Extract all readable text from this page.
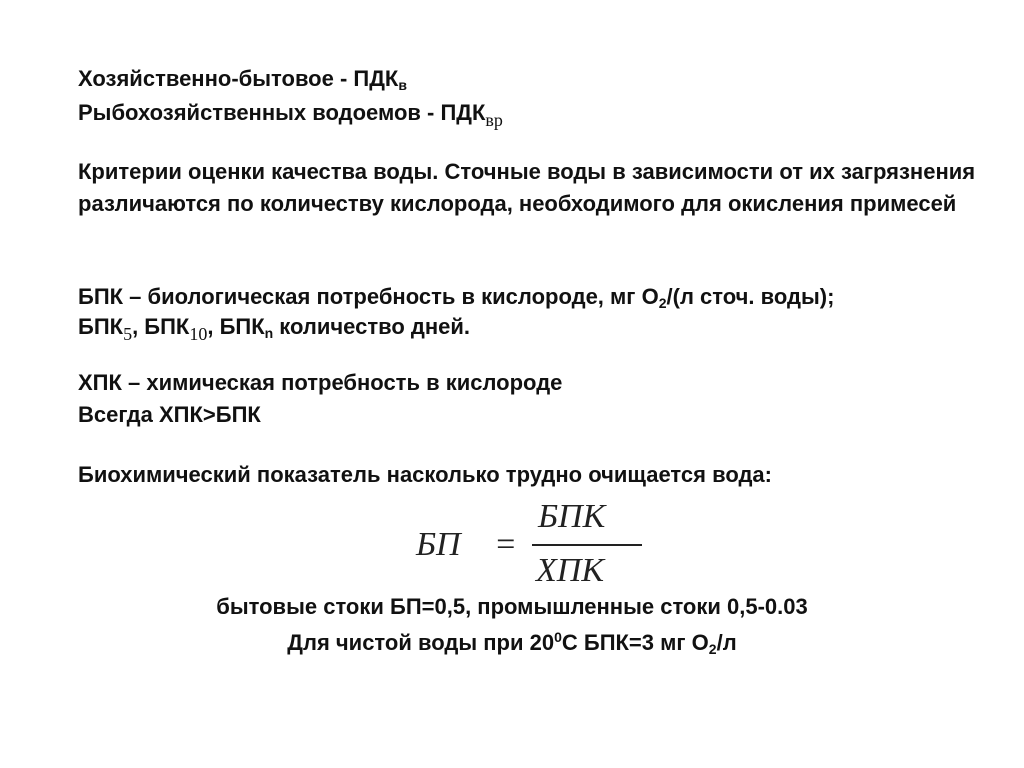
Хозяйственно-бытовое - $ПДК_в$
Рыбохозяйственных водоемов - $ПДК_{вр}$
Критерии оценки качества воды. Сточные воды в зависимости от их загрязнения различаются по количеству кислорода, необходимого для окисления примесей
БПК – биологическая потребность в кислороде, мг $О_2/(л$ сточ. воды);
$БПК_5$, $БПК_{10}$, $БПК_n$ количество дней.
ХПК – химическая потребность в кислороде
Всегда ХПК>БПК
Биохимический показатель насколько трудно очищается вода:
БП =
БПК
ХПК
бытовые стоки БП=0,5, промышленные стоки 0,5-0.03
Для чистой воды при $20^0С$ БПК=3 мг $О_2/л$
